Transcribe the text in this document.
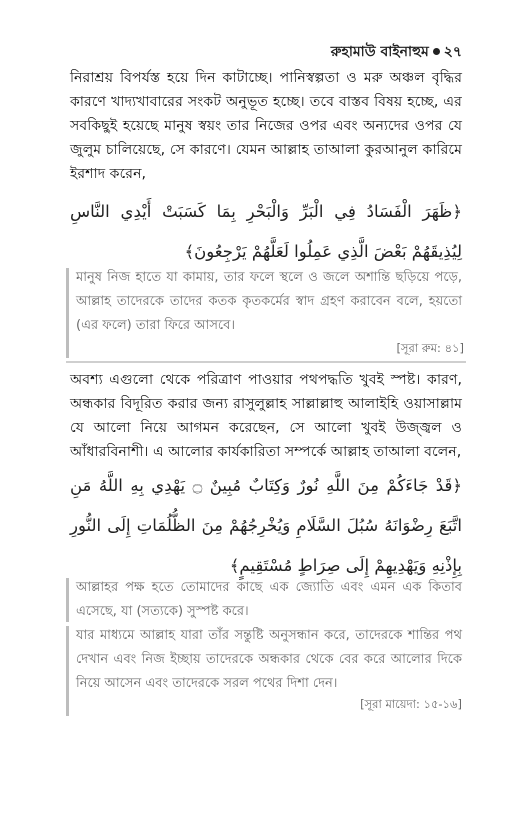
রুহামাউ বাইনাহুম ২৭
নিরাশ্রয় বিপর্যস্ত হয়ে দিন কাটাচ্ছে। পানিস্বল্পতা ও মরু অঞ্চল বৃদ্ধির কারণে খাদ্যখাবারের সংকট অনুভূত হচ্ছে। তবে বাস্তব বিষয় হচ্ছে, এর সবকিছুই হয়েছে মানুষ স্বয়ং তার নিজের ওপর এবং অন্যদের ওপর যে জুলুম চালিয়েছে, সে কারণে। যেমন আল্লাহ তাআলা কুরআনুল কারিমে ইরশাদ করেন,
﴿ظَهَرَ الْفَسَادُ فِي الْبَرِّ وَالْبَحْرِ بِمَا كَسَبَتْ أَيْدِي النَّاسِ لِيُذِيقَهُمْ بَعْضَ الَّذِي عَمِلُوا لَعَلَّهُمْ يَرْجِعُونَ﴾
মানুষ নিজ হাতে যা কামায়, তার ফলে স্থলে ও জলে অশান্তি ছড়িয়ে পড়ে, আল্লাহ তাদেরকে তাদের কতক কৃতকর্মের স্বাদ গ্রহণ করাবেন বলে, হয়তো (এর ফলে) তারা ফিরে আসবে।
[সূরা রুম: ৪১]
অবশ্য এগুলো থেকে পরিত্রাণ পাওয়ার পথপদ্ধতি খুবই স্পষ্ট। কারণ, অন্ধকার বিদূরিত করার জন্য রাসুলুল্লাহ সাল্লাল্লাহু আলাইহি ওয়াসাল্লাম যে আলো নিয়ে আগমন করেছেন, সে আলো খুবই উজ্জ্বল ও আঁধারবিনাশী। এ আলোর কার্যকারিতা সম্পর্কে আল্লাহ তাআলা বলেন,
﴿قَدْ جَاءَكُمْ مِنَ اللَّهِ نُورٌ وَكِتَابٌ مُبِينٌ ۝ يَهْدِي بِهِ اللَّهُ مَنِ اتَّبَعَ رِضْوَانَهُ سُبُلَ السَّلَامِ وَيُخْرِجُهُمْ مِنَ الظُّلُمَاتِ إِلَى النُّورِ بِإِذْنِهِ وَيَهْدِيهِمْ إِلَى صِرَاطٍ مُسْتَقِيمٍ﴾
আল্লাহর পক্ষ হতে তোমাদের কাছে এক জ্যোতি এবং এমন এক কিতাব এসেছে, যা (সত্যকে) সুস্পষ্ট করে।
যার মাধ্যমে আল্লাহ যারা তাঁর সন্তুষ্টি অনুসন্ধান করে, তাদেরকে শান্তির পথ দেখান এবং নিজ ইচ্ছায় তাদেরকে অন্ধকার থেকে বের করে আলোর দিকে নিয়ে আসেন এবং তাদেরকে সরল পথের দিশা দেন।
[সূরা মায়েদা: ১৫-১৬]
